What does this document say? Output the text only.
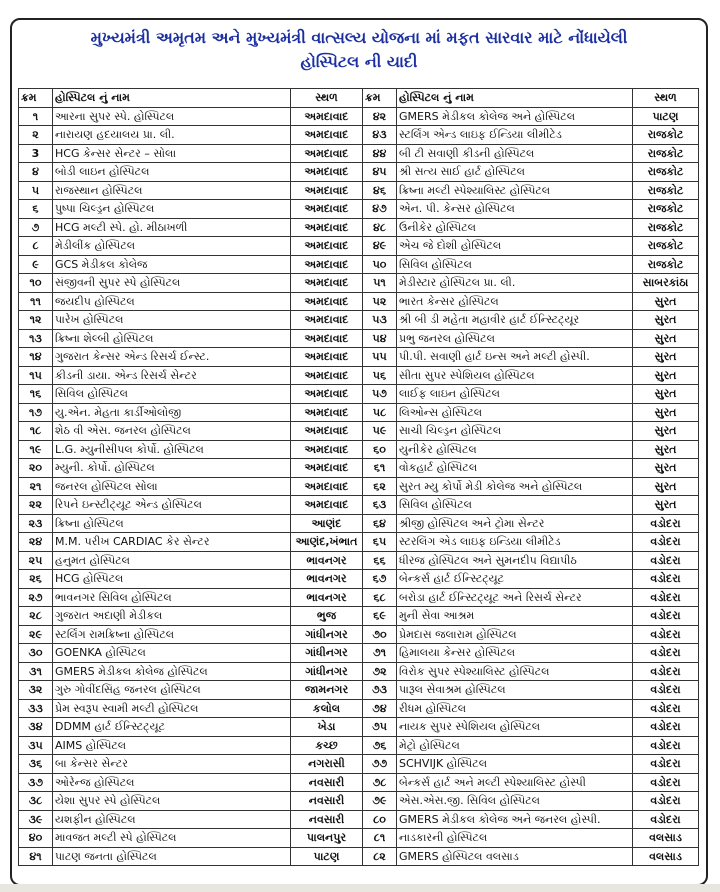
મુખ્યમંત્રી અમૃતમ અને મુખ્યમંત્રી વાત્સલ્ય યોજના માં મફત સારવાર માટે નોંધાયેલી
હોસ્પિટલ ની યાદી
ક્રમ	હોસ્પિટલ નું નામ	સ્થળ	ક્રમ	હોસ્પિટલ નું નામ	સ્થળ
૧	આરના સુપર સ્પે. હોસ્પિટલ	અમદાવાદ	૪૨	GMERS મેડીકલ કોલેજ અને હોસ્પિટલ	પાટણ
૨	નારાયણ હદયાલય પ્રા. લી.	અમદાવાદ	૪૩	સ્ટર્લિંગ એન્ડ લાઇફ ઈન્ડિયા લીમીટેડ	રાજકોટ
3	HCG કેન્સર સેન્ટર – સોલા	અમદાવાદ	૪૪	બી ટી સવાણી કીડની હોસ્પિટલ	રાજકોટ
૪	બોડી લાઇન હોસ્પિટલ	અમદાવાદ	૪૫	શ્રી સત્ય સાઈ હાર્ટ હોસ્પિટલ	રાજકોટ
૫	રાજસ્થાન હોસ્પિટલ	અમદાવાદ	૪૬	ક્રિષ્ના મલ્ટી સ્પેશ્યાલિસ્ટ હોસ્પિટલ	રાજકોટ
૬	પુષ્પા ચિલ્ડ્રન હોસ્પિટલ	અમદાવાદ	૪૭	એન. પી. કેન્સર હોસ્પિટલ	રાજકોટ
૭	HCG મલ્ટી સ્પે. હો. મીઠાખળી	અમદાવાદ	૪૮	ઉનીકેર હોસ્પિટલ	રાજકોટ
૮	મેડીલીંક હોસ્પિટલ	અમદાવાદ	૪૯	એચ જે દોશી હોસ્પિટલ	રાજકોટ
૯	GCS મેડીકલ કોલેજ	અમદાવાદ	૫૦	સિવિલ હોસ્પિટલ	રાજકોટ
૧૦	સંજીવની સુપર સ્પે હોસ્પિટલ	અમદાવાદ	૫૧	મેડીસ્ટાર હોસ્પિટલ પ્રા. લી.	સાબરકાંઠા
૧૧	જયદીપ હોસ્પિટલ	અમદાવાદ	૫૨	ભારત કેન્સર હોસ્પિટલ	સુરત
૧૨	પારેખ હોસ્પિટલ	અમદાવાદ	૫૩	શ્રી બી ડી મહેતા મહાવીર હાર્ટ ઈન્સ્ટિટ્યૂર	સુરત
૧૩	ક્રિષ્ના શેલ્બી હોસ્પિટલ	અમદાવાદ	૫૪	પ્રભુ જનરલ હોસ્પિટલ	સુરત
૧૪	ગુજરાત કેન્સર એન્ડ રિસર્ચ ઈન્સ્ટ.	અમદાવાદ	૫૫	પી.પી. સવાણી હાર્ટ ઇન્સ અને મલ્ટી હોસ્પી.	સુરત
૧૫	કીડની ડાયા. એન્ડ રિસર્ચ સેન્ટર	અમદાવાદ	૫૬	સીતા સુપર સ્પેશિયલ હોસ્પિટલ	સુરત
૧૬	સિવિલ હોસ્પિટલ	અમદાવાદ	૫૭	લાઈફ લાઇન હોસ્પિટલ	સુરત
૧૭	યુ.એન. મેહતા કાર્ડીઓલોજી	અમદાવાદ	૫૮	લિઓન્સ હોસ્પિટલ	સુરત
૧૮	શેઠ વી એસ. જનરલ હોસ્પિટલ	અમદાવાદ	૫૯	સાચી ચિલ્ડ્રન હોસ્પિટલ	સુરત
૧૯	L.G. મ્યુનીસીપલ કોર્પો. હોસ્પિટલ	અમદાવાદ	૬૦	યુનીકેર હોસ્પિટલ	સુરત
૨૦	મ્યુની. કોર્પો. હોસ્પિટલ	અમદાવાદ	૬૧	વોકહાર્ટ હોસ્પિટલ	સુરત
૨૧	જનરલ હોસ્પિટલ સોલા	અમદાવાદ	૬૨	સુરત મ્યુ કોર્પો મેડી કોલેજ અને હોસ્પિટલ	સુરત
૨૨	રિપને ઇન્સ્ટીટ્યૂટ એન્ડ હોસ્પિટલ	અમદાવાદ	૬૩	સિવિલ હોસ્પિટલ	સુરત
૨૩	ક્રિષ્ના હોસ્પિટલ	આણંદ	૬૪	શ્રીજી હોસ્પિટલ અને ટ્રોમા સેન્ટર	વડોદરા
૨૪	M.M. પરીખ CARDIAC કેર સેન્ટર	આણંદ,ખંભાત	૬૫	સ્ટરલિંગ એડ લાઇફ ઇન્ડિયા લીમીટેડ	વડોદરા
૨૫	હનુમત હોસ્પિટલ	ભાવનગર	૬૬	ધીરજ હોસ્પિટલ અને સુમનદીપ વિદ્યાપીઠ	વડોદરા
૨૬	HCG હોસ્પિટલ	ભાવનગર	૬૭	બેન્કર્સ હાર્ટ ઈન્સ્ટિટ્યૂટ	વડોદરા
૨૭	ભાવનગર સિવિલ હોસ્પિટલ	ભાવનગર	૬૮	બરોડા હાર્ટ ઈન્સ્ટિટ્યૂટ અને રિસર્ચ સેન્ટર	વડોદરા
૨૮	ગુજરાત અદાણી મેડીકલ	ભુજ	૬૯	મુની સેવા આશ્રમ	વડોદરા
૨૯	સ્ટર્લિંગ રામક્રિષ્ના હોસ્પિટલ	ગાંધીનગર	૭૦	પ્રેમદાસ જલારામ હોસ્પિટલ	વડોદરા
૩૦	GOENKA હોસ્પિટલ	ગાંધીનગર	૭૧	હિમાલયા કેન્સર હોસ્પિટલ	વડોદરા
૩૧	GMERS મેડીકલ કોલેજ હોસ્પિટલ	ગાંધીનગર	૭૨	વિરોક સુપર સ્પેશ્યાલિસ્ટ હોસ્પિટલ	વડોદરા
૩૨	ગુરુ ગોવીંદસિંહ જનરલ હોસ્પિટલ	જામનગર	૭૩	પારૂલ સેવાશ્રમ હોસ્પિટલ	વડોદરા
૩૩	પ્રેમ સ્વરૂપ સ્વામી મલ્ટી હોસ્પિટલ	કલોલ	૭૪	રીધમ હોસ્પિટલ	વડોદરા
૩૪	DDMM હાર્ટ ઈન્સ્ટિટ્યૂટ	ખેડા	૭૫	નાયક સુપર સ્પેશિયલ હોસ્પિટલ	વડોદરા
૩૫	AIMS હોસ્પિટલ	કચ્છ	૭૬	મેટ્રો હોસ્પિટલ	વડોદરા
૩૬	બા કેન્સર સેન્ટર	નગરાસી	૭૭	SCHVIJK હોસ્પિટલ	વડોદરા
૩૭	ઓરેન્જ હોસ્પિટલ	નવસારી	૭૮	બેન્કર્સ હાર્ટ અને મલ્ટી સ્પેશ્યાલિસ્ટ હોસ્પી	વડોદરા
૩૮	યેશા સુપર સ્પે હોસ્પિટલ	નવસારી	૭૯	એસ.એસ.જી. સિવિલ હોસ્પિટલ	વડોદરા
૩૯	યશફીન હોસ્પિટલ	નવસારી	૮૦	GMERS મેડીકલ કોલેજ અને જનરલ હોસ્પી.	વડોદરા
૪૦	માવજત મલ્ટી સ્પે હોસ્પિટલ	પાલનપુર	૮૧	નાડકારની હોસ્પિટલ	વલસાડ
૪૧	પાટણ જનતા હોસ્પિટલ	પાટણ	૮૨	GMERS હોસ્પિટલ વલસાડ	વલસાડ
